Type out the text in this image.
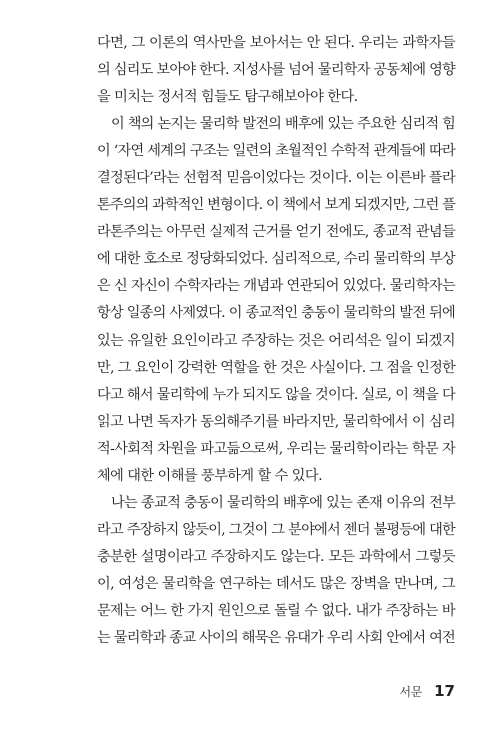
다면, 그 이론의 역사만을 보아서는 안 된다. 우리는 과학자들
의 심리도 보아야 한다. 지성사를 넘어 물리학자 공동체에 영향
을 미치는 정서적 힘들도 탐구해보아야 한다.
이 책의 논지는 물리학 발전의 배후에 있는 주요한 심리적 힘
이 ‘자연 세계의 구조는 일련의 초월적인 수학적 관계들에 따라
결정된다’라는 선험적 믿음이었다는 것이다. 이는 이른바 플라
톤주의의 과학적인 변형이다. 이 책에서 보게 되겠지만, 그런 플
라톤주의는 아무런 실제적 근거를 얻기 전에도, 종교적 관념들
에 대한 호소로 정당화되었다. 심리적으로, 수리 물리학의 부상
은 신 자신이 수학자라는 개념과 연관되어 있었다. 물리학자는
항상 일종의 사제였다. 이 종교적인 충동이 물리학의 발전 뒤에
있는 유일한 요인이라고 주장하는 것은 어리석은 일이 되겠지
만, 그 요인이 강력한 역할을 한 것은 사실이다. 그 점을 인정한
다고 해서 물리학에 누가 되지도 않을 것이다. 실로, 이 책을 다
읽고 나면 독자가 동의해주기를 바라지만, 물리학에서 이 심리
적-사회적 차원을 파고듦으로써, 우리는 물리학이라는 학문 자
체에 대한 이해를 풍부하게 할 수 있다.
나는 종교적 충동이 물리학의 배후에 있는 존재 이유의 전부
라고 주장하지 않듯이, 그것이 그 분야에서 젠더 불평등에 대한
충분한 설명이라고 주장하지도 않는다. 모든 과학에서 그렇듯
이, 여성은 물리학을 연구하는 데서도 많은 장벽을 만나며, 그
문제는 어느 한 가지 원인으로 돌릴 수 없다. 내가 주장하는 바
는 물리학과 종교 사이의 해묵은 유대가 우리 사회 안에서 여전
서문 17
